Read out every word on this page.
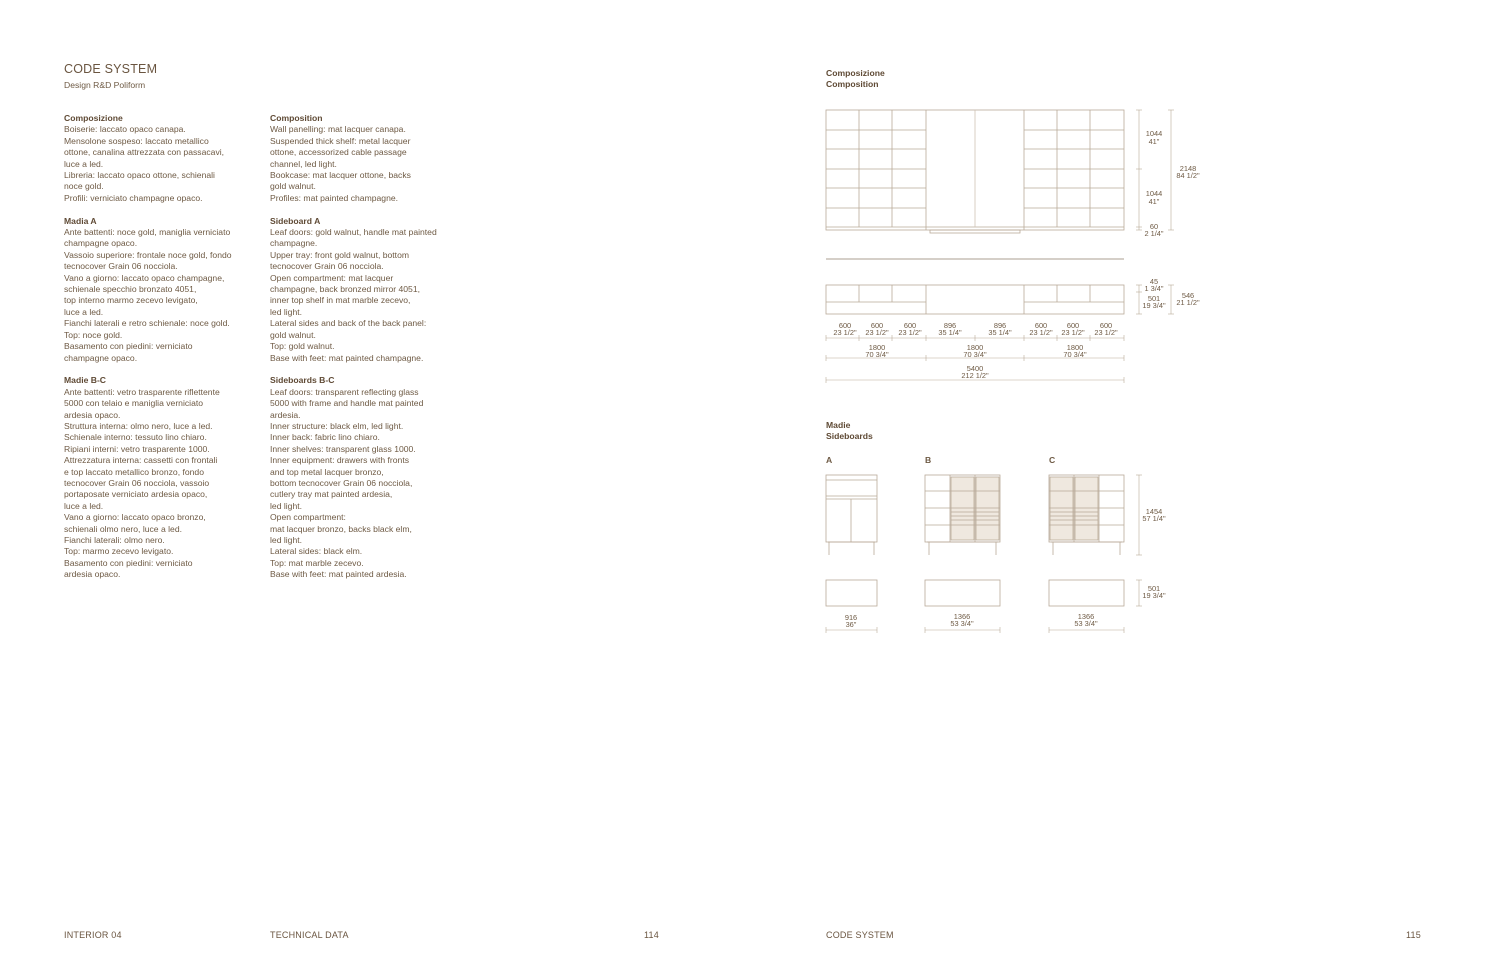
CODE SYSTEM
Design R&D Poliform
Composizione
Boiserie: laccato opaco canapa.
Mensolone sospeso: laccato metallico
ottone, canalina attrezzata con passacavi,
luce a led.
Libreria: laccato opaco ottone, schienali
noce gold.
Profili: verniciato champagne opaco.
Madia A
Ante battenti: noce gold, maniglia verniciato
champagne opaco.
Vassoio superiore: frontale noce gold, fondo
tecnocover Grain 06 nocciola.
Vano a giorno: laccato opaco champagne,
schienale specchio bronzato 4051,
top interno marmo zecevo levigato,
luce a led.
Fianchi laterali e retro schienale: noce gold.
Top: noce gold.
Basamento con piedini: verniciato
champagne opaco.
Madie B-C
Ante battenti: vetro trasparente riflettente
5000 con telaio e maniglia verniciato
ardesia opaco.
Struttura interna: olmo nero, luce a led.
Schienale interno: tessuto lino chiaro.
Ripiani interni: vetro trasparente 1000.
Attrezzatura interna: cassetti con frontali
e top laccato metallico bronzo, fondo
tecnocover Grain 06 nocciola, vassoio
portaposate verniciato ardesia opaco,
luce a led.
Vano a giorno: laccato opaco bronzo,
schienali olmo nero, luce a led.
Fianchi laterali: olmo nero.
Top: marmo zecevo levigato.
Basamento con piedini: verniciato
ardesia opaco.
Composition
Wall panelling: mat lacquer canapa.
Suspended thick shelf: metal lacquer
ottone, accessorized cable passage
channel, led light.
Bookcase: mat lacquer ottone, backs
gold walnut.
Profiles: mat painted champagne.
Sideboard A
Leaf doors: gold walnut, handle mat painted
champagne.
Upper tray: front gold walnut, bottom
tecnocover Grain 06 nocciola.
Open compartment: mat lacquer
champagne, back bronzed mirror 4051,
inner top shelf in mat marble zecevo,
led light.
Lateral sides and back of the back panel:
gold walnut.
Top: gold walnut.
Base with feet: mat painted champagne.
Sideboards B-C
Leaf doors: transparent reflecting glass
5000 with frame and handle mat painted
ardesia.
Inner structure: black elm, led light.
Inner back: fabric lino chiaro.
Inner shelves: transparent glass 1000.
Inner equipment: drawers with fronts
and top metal lacquer bronzo,
bottom tecnocover Grain 06 nocciola,
cutlery tray mat painted ardesia,
led light.
Open compartment:
mat lacquer bronzo, backs black elm,
led light.
Lateral sides: black elm.
Top: mat marble zecevo.
Base with feet: mat painted ardesia.
Composizione
Composition
Madie
Sideboards
1044
41"
1044
41"
60
2 1/4"
2148
84 1/2"
45
1 3/4"
501
19 3/4"
546
21 1/2"
600
23 1/2"
600
23 1/2"
600
23 1/2"
896
35 1/4"
896
35 1/4"
600
23 1/2"
600
23 1/2"
600
23 1/2"
1800
70 3/4"
1800
70 3/4"
1800
70 3/4"
5400
212 1/2"
A	B	C
1454
57 1/4"
501
19 3/4"
916
36"
1366
53 3/4"
1366
53 3/4"
INTERIOR 04	TECHNICAL DATA	114	CODE SYSTEM	115
